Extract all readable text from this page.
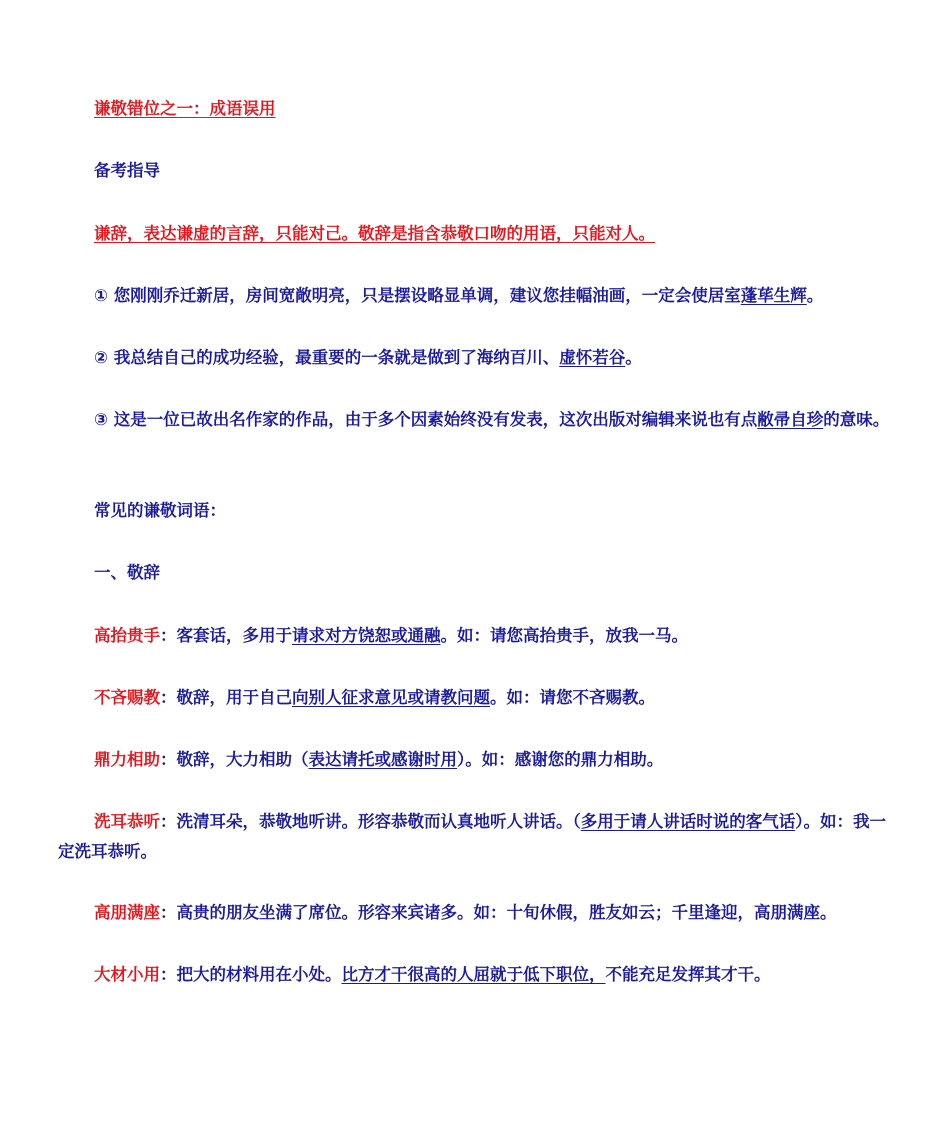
谦敬错位之一：成语误用
备考指导
谦辞，表达谦虚的言辞，只能对己。敬辞是指含恭敬口吻的用语，只能对人。
① 您刚刚乔迁新居，房间宽敞明亮，只是摆设略显单调，建议您挂幅油画，一定会使居室蓬荜生辉。
② 我总结自己的成功经验，最重要的一条就是做到了海纳百川、虚怀若谷。
③ 这是一位已故出名作家的作品，由于多个因素始终没有发表，这次出版对编辑来说也有点敝帚自珍的意味。
常见的谦敬词语：
一、敬辞
高抬贵手：客套话，多用于请求对方饶恕或通融。如：请您高抬贵手，放我一马。
不吝赐教：敬辞，用于自己向别人征求意见或请教问题。如：请您不吝赐教。
鼎力相助：敬辞，大力相助（表达请托或感谢时用）。如：感谢您的鼎力相助。
洗耳恭听：洗清耳朵，恭敬地听讲。形容恭敬而认真地听人讲话。（多用于请人讲话时说的客气话）。如：我一定洗耳恭听。
高朋满座：高贵的朋友坐满了席位。形容来宾诸多。如：十旬休假，胜友如云；千里逢迎，高朋满座。
大材小用：把大的材料用在小处。比方才干很高的人屈就于低下职位，不能充足发挥其才干。
